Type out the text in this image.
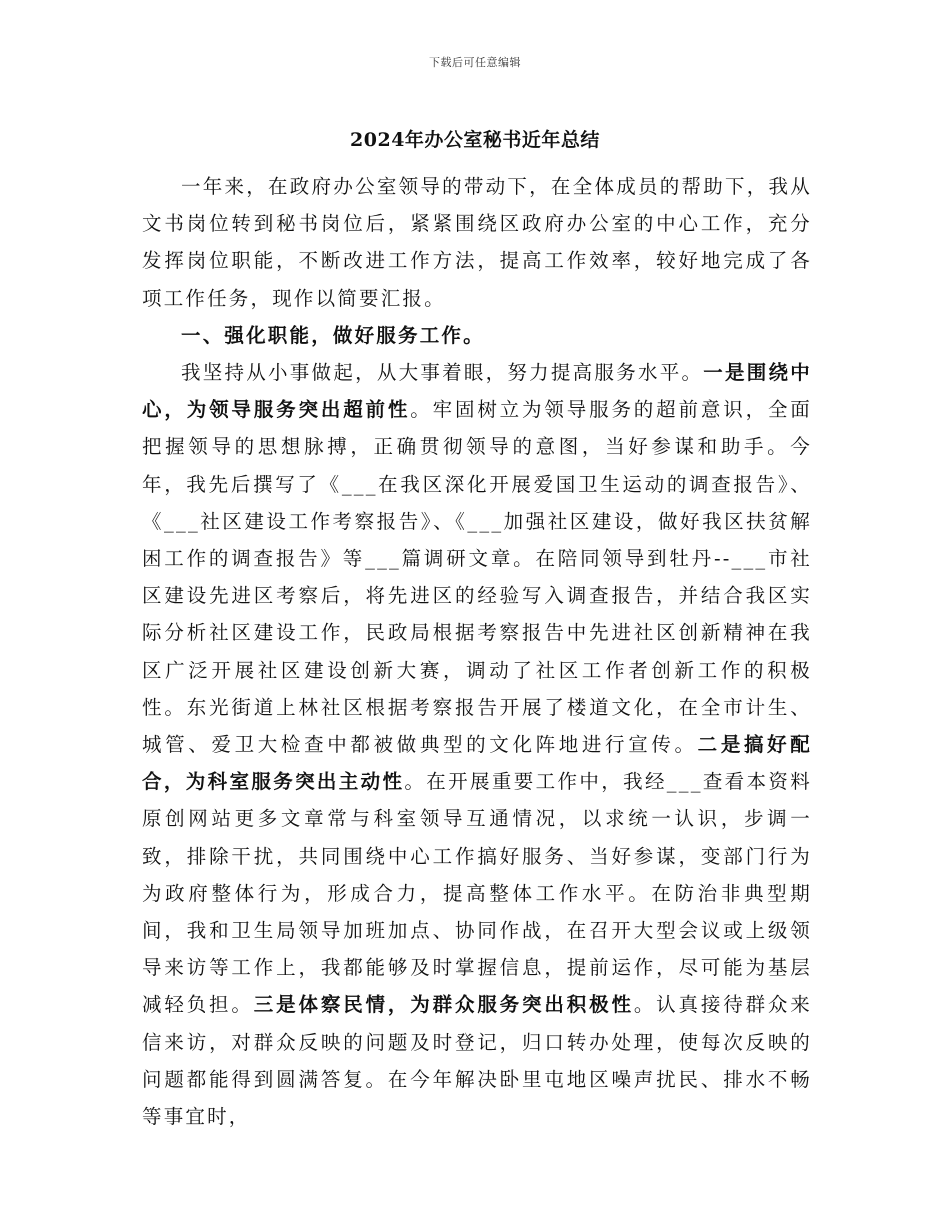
下载后可任意编辑
2024年办公室秘书近年总结

一年来，在政府办公室领导的带动下，在全体成员的帮助下，我从文书岗位转到秘书岗位后，紧紧围绕区政府办公室的中心工作，充分发挥岗位职能，不断改进工作方法，提高工作效率，较好地完成了各项工作任务，现作以简要汇报。

一、强化职能，做好服务工作。

我坚持从小事做起，从大事着眼，努力提高服务水平。一是围绕中心，为领导服务突出超前性。牢固树立为领导服务的超前意识，全面把握领导的思想脉搏，正确贯彻领导的意图，当好参谋和助手。今年，我先后撰写了《___在我区深化开展爱国卫生运动的调查报告》、《___社区建设工作考察报告》、《___加强社区建设，做好我区扶贫解困工作的调查报告》等___篇调研文章。在陪同领导到牡丹--___市社区建设先进区考察后，将先进区的经验写入调查报告，并结合我区实际分析社区建设工作，民政局根据考察报告中先进社区创新精神在我区广泛开展社区建设创新大赛，调动了社区工作者创新工作的积极性。东光街道上林社区根据考察报告开展了楼道文化，在全市计生、城管、爱卫大检查中都被做典型的文化阵地进行宣传。二是搞好配合，为科室服务突出主动性。在开展重要工作中，我经___查看本资料原创网站更多文章常与科室领导互通情况，以求统一认识，步调一致，排除干扰，共同围绕中心工作搞好服务、当好参谋，变部门行为为政府整体行为，形成合力，提高整体工作水平。在防治非典型期间，我和卫生局领导加班加点、协同作战，在召开大型会议或上级领导来访等工作上，我都能够及时掌握信息，提前运作，尽可能为基层减轻负担。三是体察民情，为群众服务突出积极性。认真接待群众来信来访，对群众反映的问题及时登记，归口转办处理，使每次反映的问题都能得到圆满答复。在今年解决卧里屯地区噪声扰民、排水不畅等事宜时，
